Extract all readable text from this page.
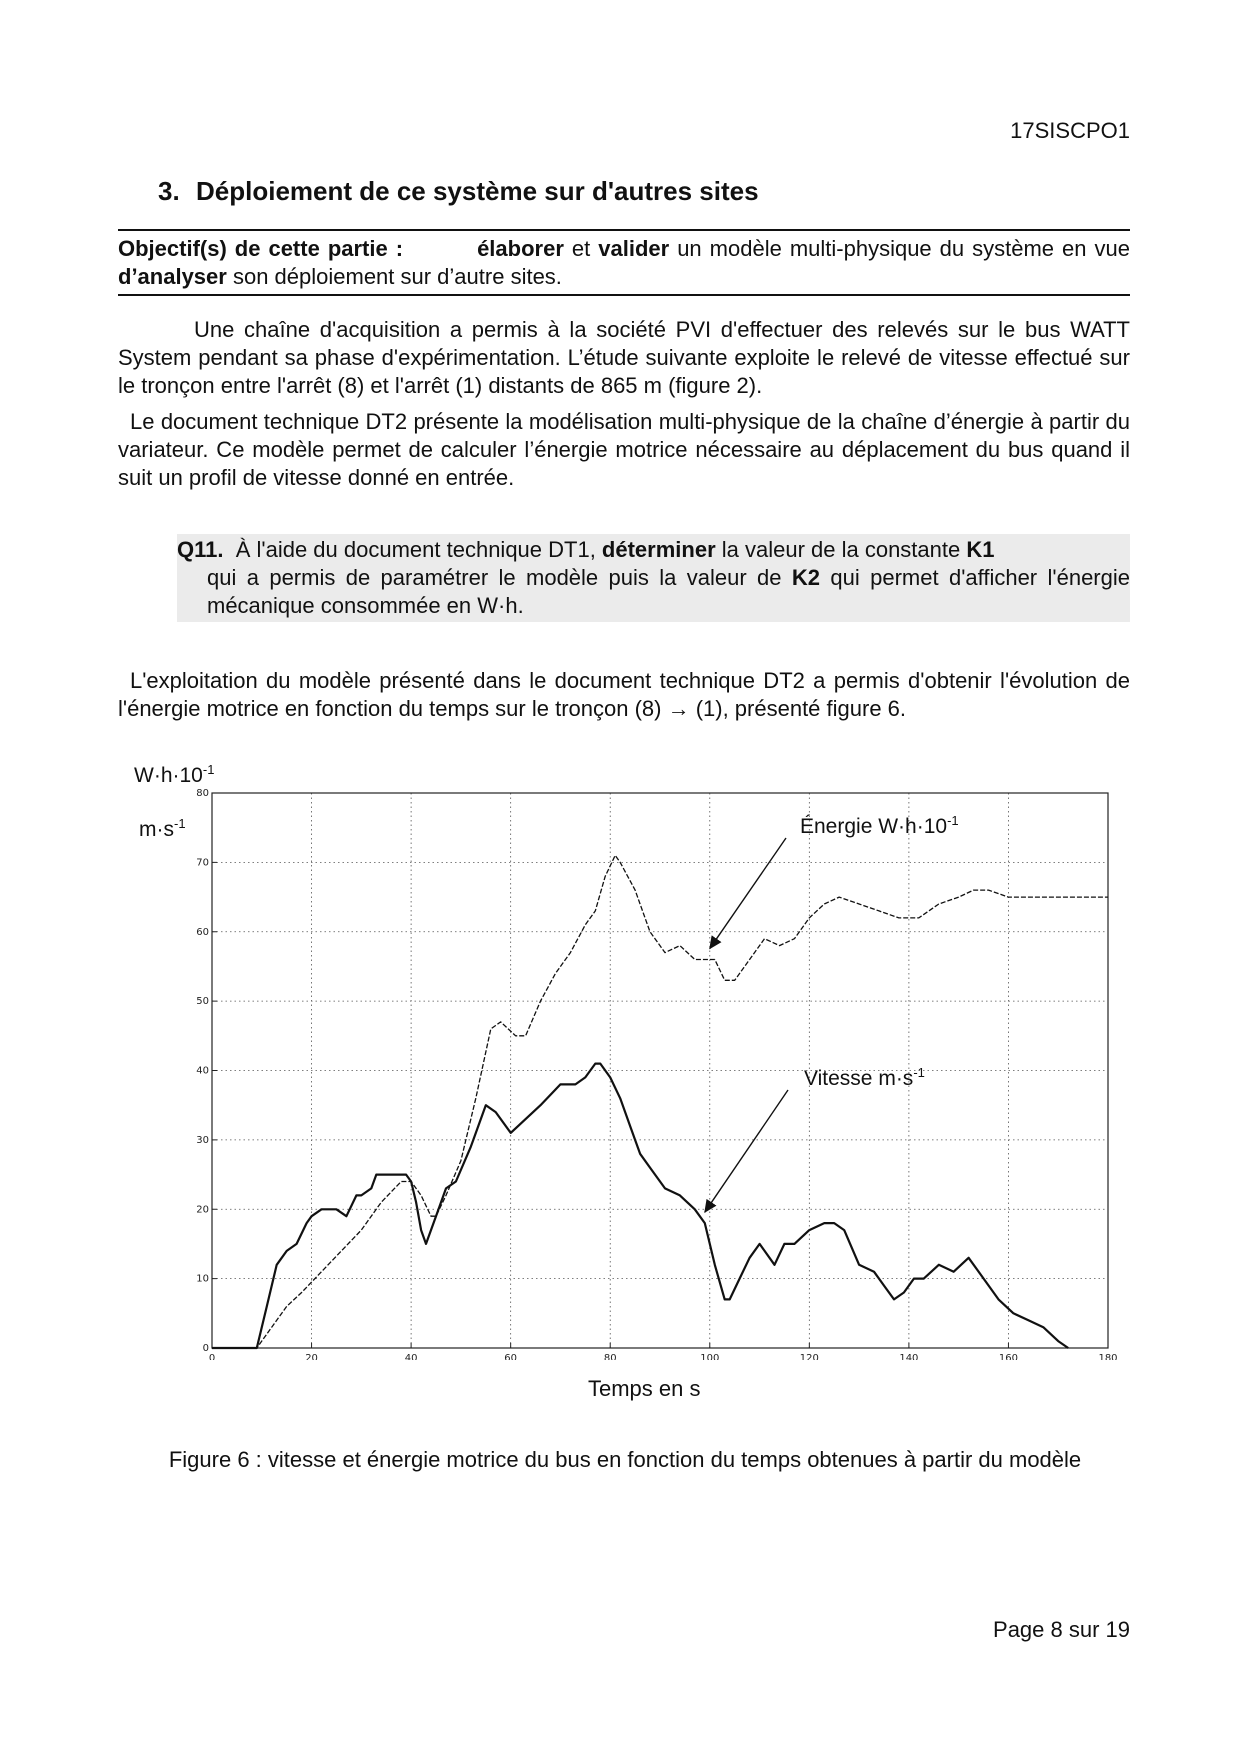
17SISCPO1
3. Déploiement de ce système sur d'autres sites
Objectif(s) de cette partie :	élaborer et valider un modèle multi-physique du système en vue d’analyser son déploiement sur d’autre sites.
Une chaîne d'acquisition a permis à la société PVI d'effectuer des relevés sur le bus WATT System pendant sa phase d'expérimentation. L’étude suivante exploite le relevé de vitesse effectué sur le tronçon entre l'arrêt (8) et l'arrêt (1) distants de 865 m (figure 2).
Le document technique DT2 présente la modélisation multi-physique de la chaîne d’énergie à partir du variateur. Ce modèle permet de calculer l’énergie motrice nécessaire au déplacement du bus quand il suit un profil de vitesse donné en entrée.
Q11. À l'aide du document technique DT1, déterminer la valeur de la constante K1
qui a permis de paramétrer le modèle puis la valeur de K2 qui permet d'afficher l'énergie mécanique consommée en W·h.
L'exploitation du modèle présenté dans le document technique DT2 a permis d'obtenir l'évolution de l'énergie motrice en fonction du temps sur le tronçon (8) → (1), présenté figure 6.
$W\cdot h\cdot 10^{-1}$
$m\cdot s^{-1}$
0	20	40	60	80	100	120	140	160	180
0
10
20
30
40
50
60
70
80
Énergie $W\cdot h\cdot 10^{-1}$
Vitesse $m\cdot s^{-1}$
Temps en s
Figure 6 : vitesse et énergie motrice du bus en fonction du temps obtenues à partir du modèle
Page 8 sur 19
